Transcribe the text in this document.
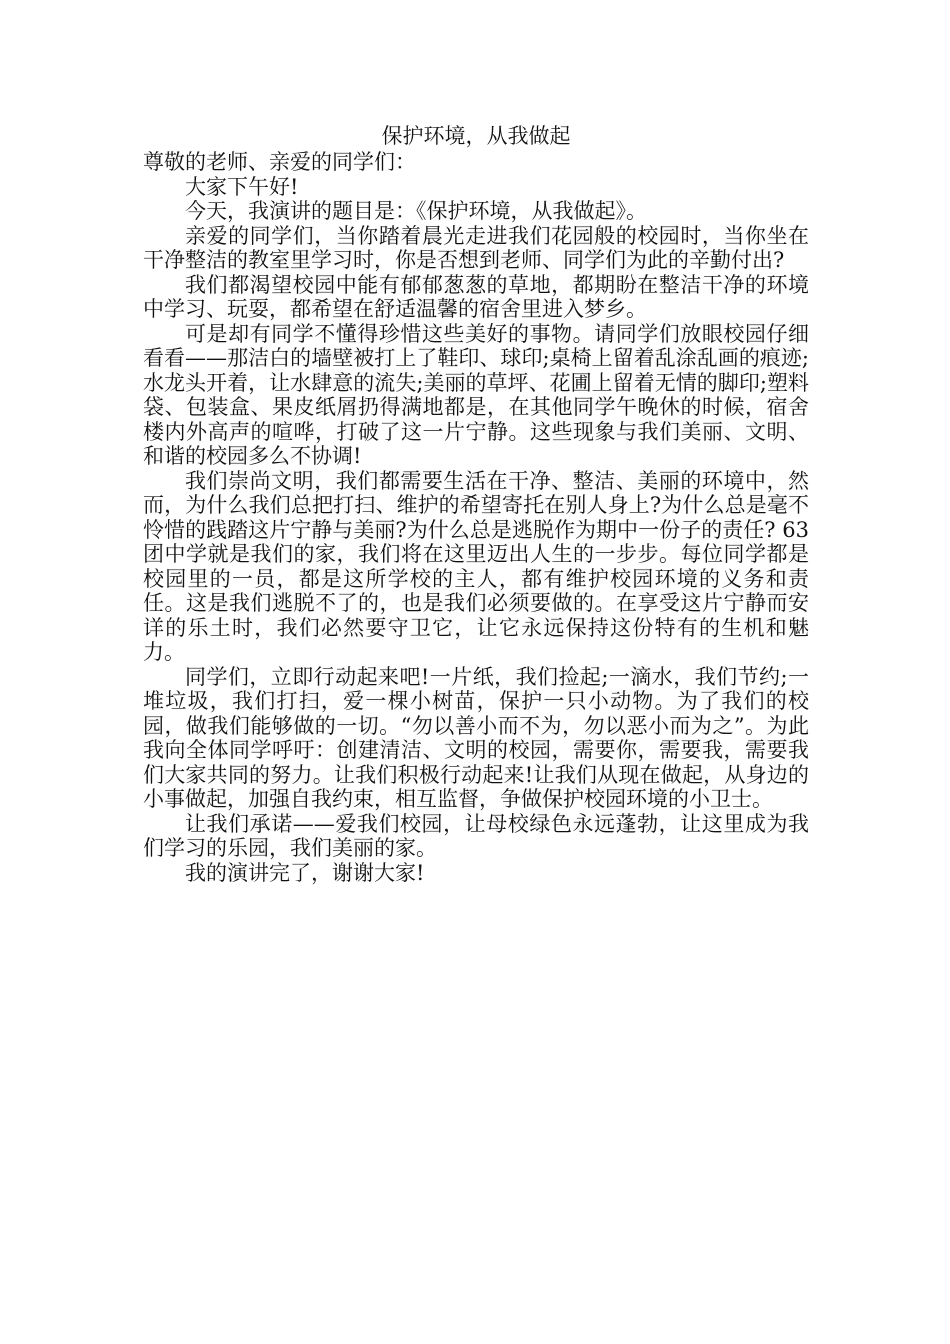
保护环境，从我做起

尊敬的老师、亲爱的同学们：

大家下午好!

今天，我演讲的题目是：《保护环境，从我做起》。

亲爱的同学们，当你踏着晨光走进我们花园般的校园时，当你坐在干净整洁的教室里学习时，你是否想到老师、同学们为此的辛勤付出?

我们都渴望校园中能有郁郁葱葱的草地，都期盼在整洁干净的环境中学习、玩耍，都希望在舒适温馨的宿舍里进入梦乡。

可是却有同学不懂得珍惜这些美好的事物。请同学们放眼校园仔细看看——那洁白的墙壁被打上了鞋印、球印;桌椅上留着乱涂乱画的痕迹;水龙头开着，让水肆意的流失;美丽的草坪、花圃上留着无情的脚印;塑料袋、包装盒、果皮纸屑扔得满地都是，在其他同学午晚休的时候，宿舍楼内外高声的喧哗，打破了这一片宁静。这些现象与我们美丽、文明、和谐的校园多么不协调!

我们崇尚文明，我们都需要生活在干净、整洁、美丽的环境中，然而，为什么我们总把打扫、维护的希望寄托在别人身上?为什么总是毫不怜惜的践踏这片宁静与美丽?为什么总是逃脱作为期中一份子的责任? 63团中学就是我们的家，我们将在这里迈出人生的一步步。每位同学都是校园里的一员，都是这所学校的主人，都有维护校园环境的义务和责任。这是我们逃脱不了的，也是我们必须要做的。在享受这片宁静而安详的乐土时，我们必然要守卫它，让它永远保持这份特有的生机和魅力。

同学们，立即行动起来吧!一片纸，我们捡起;一滴水，我们节约;一堆垃圾，我们打扫，爱一棵小树苗，保护一只小动物。为了我们的校园，做我们能够做的一切。“勿以善小而不为，勿以恶小而为之”。为此我向全体同学呼吁：创建清洁、文明的校园，需要你，需要我，需要我们大家共同的努力。让我们积极行动起来!让我们从现在做起，从身边的小事做起，加强自我约束，相互监督，争做保护校园环境的小卫士。

让我们承诺——爱我们校园，让母校绿色永远蓬勃，让这里成为我们学习的乐园，我们美丽的家。

我的演讲完了，谢谢大家!
